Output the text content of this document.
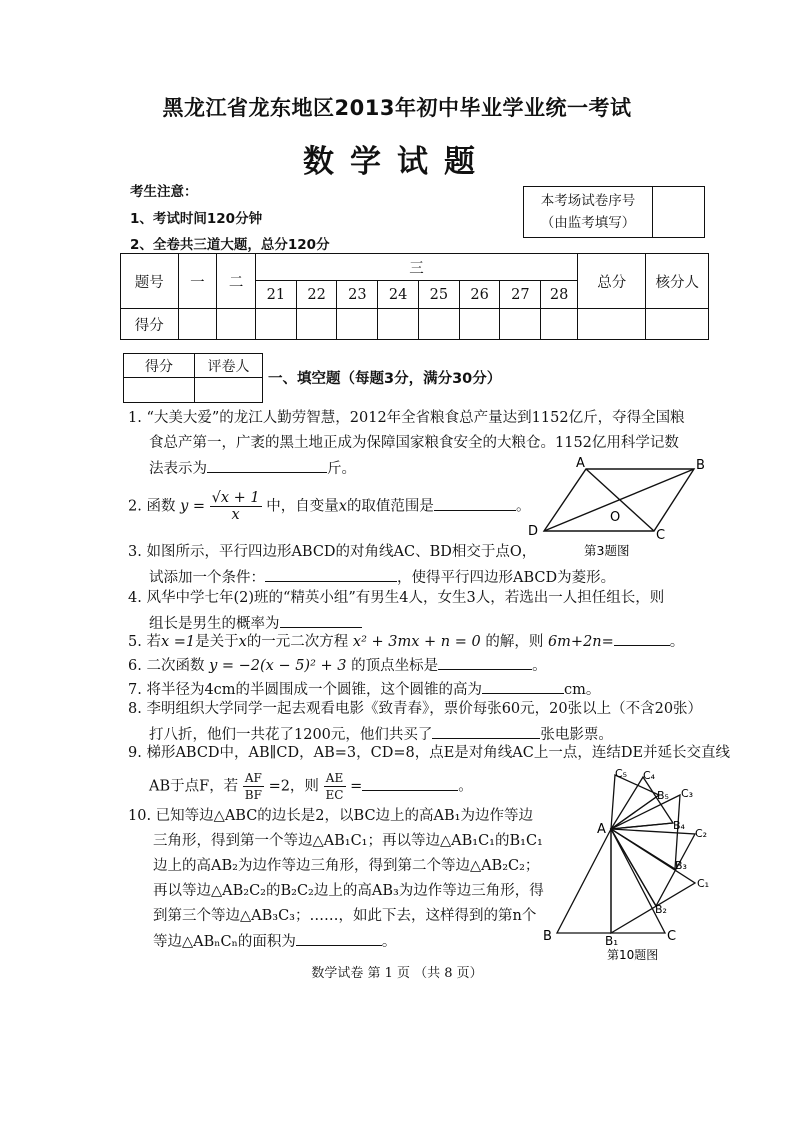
黑龙江省龙东地区2013年初中毕业学业统一考试
数学试题
考生注意：
1、考试时间120分钟
2、全卷共三道大题，总分120分
本考场试卷序号
（由监考填写）

题号	一	二	三								总分	核分人
			21	22	23	24	25	26	27	28		
得分												
得分	评卷人

一、填空题（每题3分，满分30分）
1. “大美大爱”的龙江人勤劳智慧，2012年全省粮食总产量达到1152亿斤，夺得全国粮
食总产第一，广袤的黑土地正成为保障国家粮食安全的大粮仓。1152亿用科学记数
法表示为	斤。
2. 函数 $y = \frac{√x + 1}{x}$ 中，自变量x的取值范围是	。
A	B
C
D
O
第3题图
3. 如图所示，平行四边形ABCD的对角线AC、BD相交于点O，
试添加一个条件：	，使得平行四边形ABCD为菱形。
4. 风华中学七年(2)班的“精英小组”有男生4人，女生3人，若选出一人担任组长，则
组长是男生的概率为
5. 若x =1是关于x的一元二次方程 x² + 3mx + n = 0 的解，则 6m+2n=	。
6. 二次函数 y = −2(x − 5)² + 3 的顶点坐标是	。
7. 将半径为4cm的半圆围成一个圆锥，这个圆锥的高为	cm。
8. 李明组织大学同学一起去观看电影《致青春》，票价每张60元，20张以上（不含20张）
打八折，他们一共花了1200元，他们共买了	张电影票。
9. 梯形ABCD中，AB∥CD，AB=3，CD=8，点E是对角线AC上一点，连结DE并延长交直线
AB于点F，若 $\frac{AF}{BF} =2$，则 $\frac{AE}{EC}$ =	。
10. 已知等边△ABC的边长是2，以BC边上的高AB₁为边作等边
三角形，得到第一个等边△AB₁C₁；再以等边△AB₁C₁的B₁C₁
边上的高AB₂为边作等边三角形，得到第二个等边△AB₂C₂；
再以等边△AB₂C₂的B₂C₂边上的高AB₃为边作等边三角形，得
到第三个等边△AB₃C₃；……，如此下去，这样得到的第n个
等边△ABₙCₙ的面积为	。
A
B	C
B₁
B₂
B₃
B₄
B₅
C₁
C₂
C₃
C₄
C₅
第10题图
数学试卷 第 1 页 （共 8 页）
